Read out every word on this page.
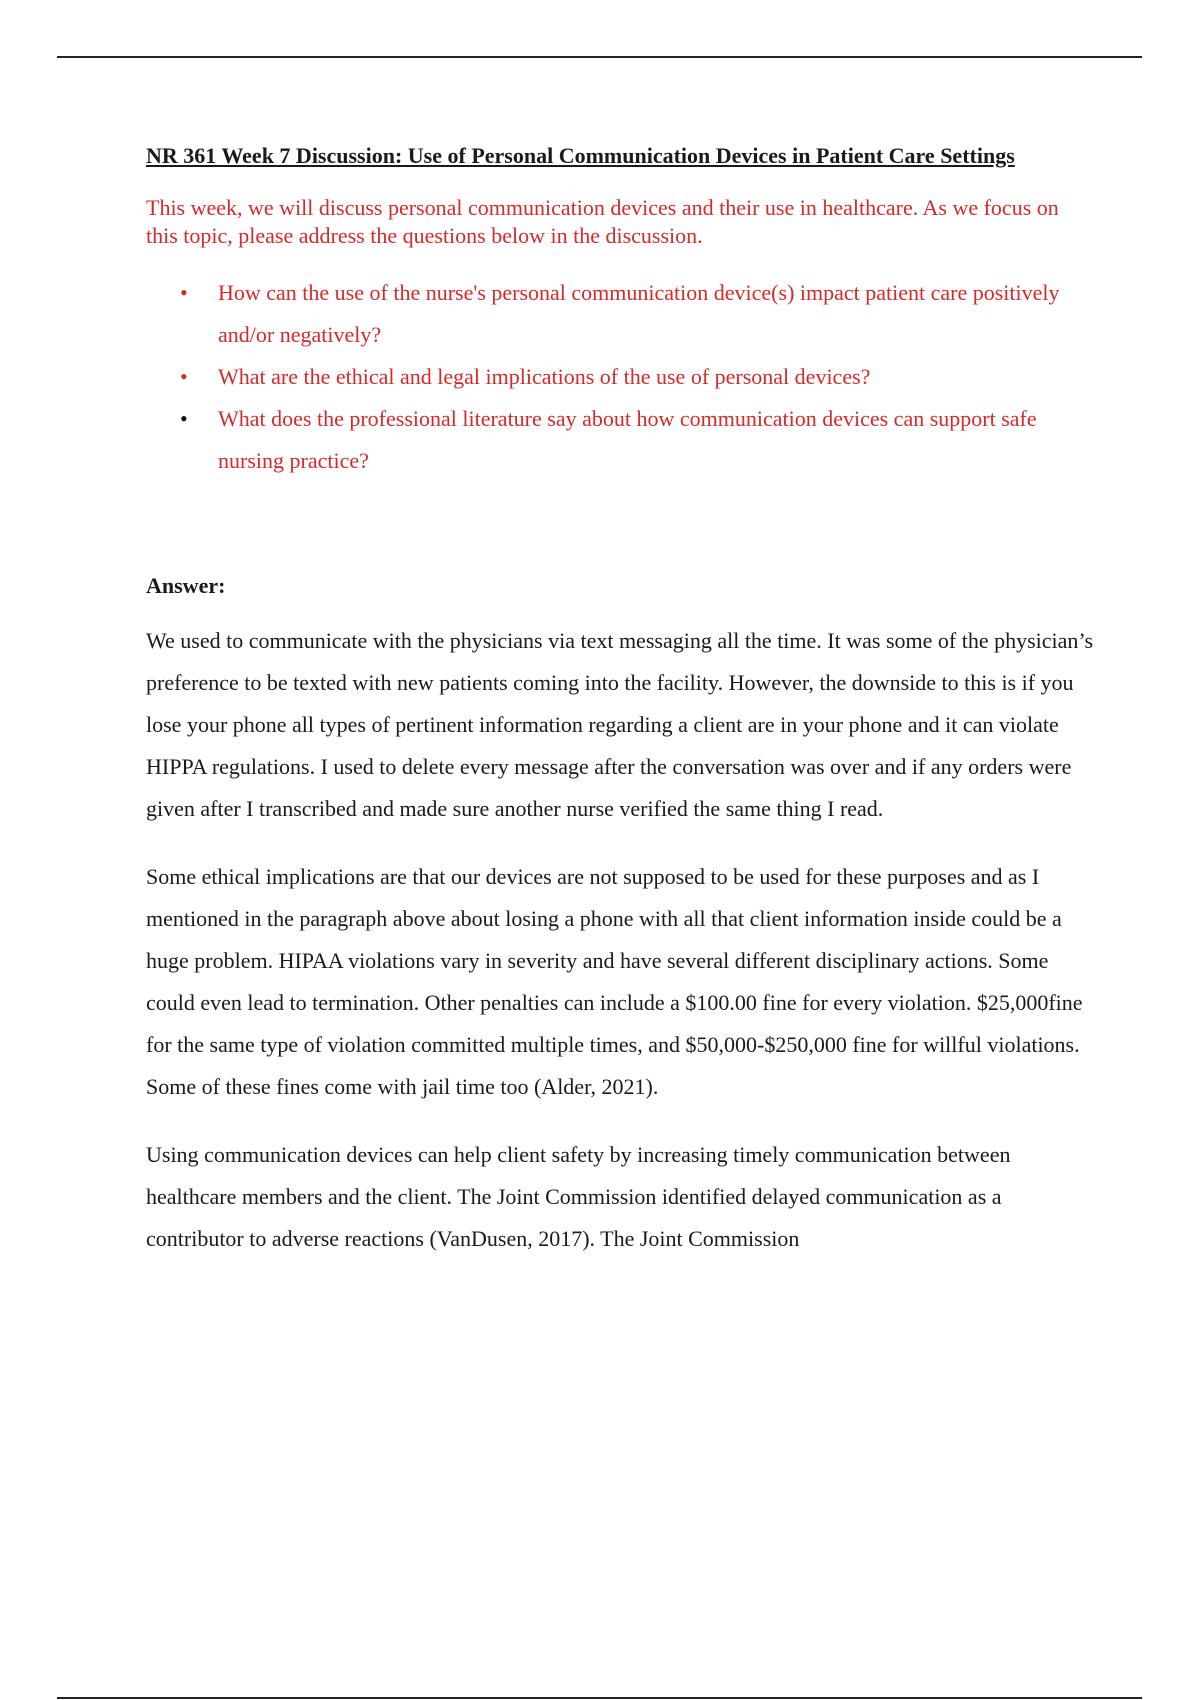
NR 361 Week 7 Discussion: Use of Personal Communication Devices in Patient Care Settings

This week, we will discuss personal communication devices and their use in healthcare. As we focus on this topic, please address the questions below in the discussion.

• How can the use of the nurse's personal communication device(s) impact patient care positively and/or negatively?
• What are the ethical and legal implications of the use of personal devices?
• What does the professional literature say about how communication devices can support safe nursing practice?

Answer:

We used to communicate with the physicians via text messaging all the time. It was some of the physician’s preference to be texted with new patients coming into the facility. However, the downside to this is if you lose your phone all types of pertinent information regarding a client are in your phone and it can violate HIPPA regulations. I used to delete every message after the conversation was over and if any orders were given after I transcribed and made sure another nurse verified the same thing I read.

Some ethical implications are that our devices are not supposed to be used for these purposes and as I mentioned in the paragraph above about losing a phone with all that client information inside could be a huge problem. HIPAA violations vary in severity and have several different disciplinary actions. Some could even lead to termination. Other penalties can include a $100.00 fine for every violation. $25,000fine for the same type of violation committed multiple times, and $50,000-$250,000 fine for willful violations. Some of these fines come with jail time too (Alder, 2021).

Using communication devices can help client safety by increasing timely communication between healthcare members and the client. The Joint Commission identified delayed communication as a contributor to adverse reactions (VanDusen, 2017). The Joint Commission
